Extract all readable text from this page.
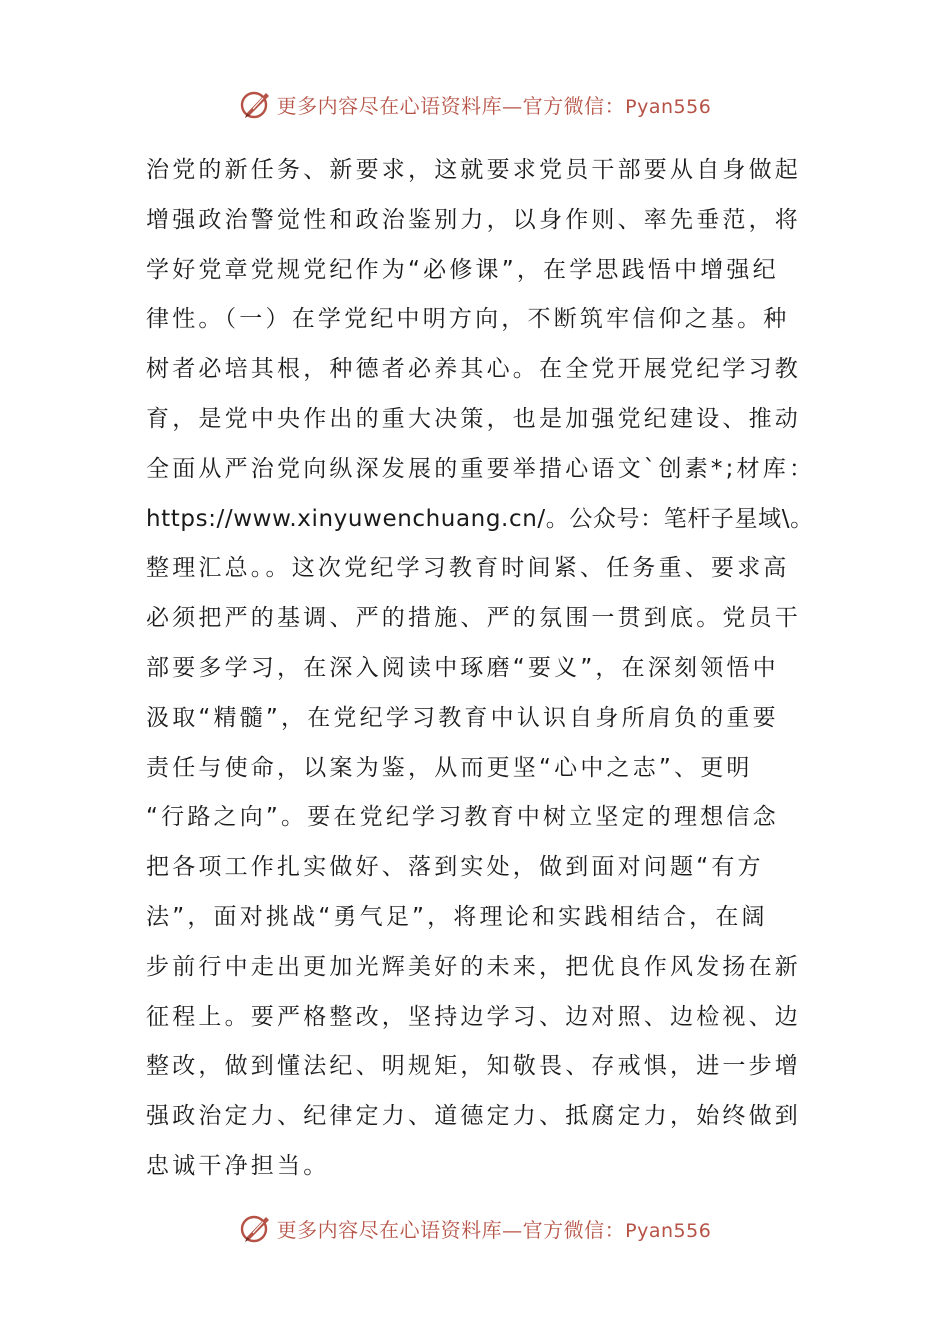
更多内容尽在心语资料库—官方微信：Pyan556
治党的新任务、新要求，这就要求党员干部要从自身做起
增强政治警觉性和政治鉴别力，以身作则、率先垂范，将
学好党章党规党纪作为“必修课”，在学思践悟中增强纪
律性。（一）在学党纪中明方向，不断筑牢信仰之基。种
树者必培其根，种德者必养其心。在全党开展党纪学习教
育，是党中央作出的重大决策，也是加强党纪建设、推动
全面从严治党向纵深发展的重要举措心语文`创素*;材库：
https://www.xinyuwenchuang.cn/。公众号：笔杆子星域\。
整理汇总。。这次党纪学习教育时间紧、任务重、要求高
必须把严的基调、严的措施、严的氛围一贯到底。党员干
部要多学习，在深入阅读中琢磨“要义”，在深刻领悟中
汲取“精髓”，在党纪学习教育中认识自身所肩负的重要
责任与使命，以案为鉴，从而更坚“心中之志”、更明
“行路之向”。要在党纪学习教育中树立坚定的理想信念
把各项工作扎实做好、落到实处，做到面对问题“有方
法”，面对挑战“勇气足”，将理论和实践相结合，在阔
步前行中走出更加光辉美好的未来，把优良作风发扬在新
征程上。要严格整改，坚持边学习、边对照、边检视、边
整改，做到懂法纪、明规矩，知敬畏、存戒惧，进一步增
强政治定力、纪律定力、道德定力、抵腐定力，始终做到
忠诚干净担当。
更多内容尽在心语资料库—官方微信：Pyan556
